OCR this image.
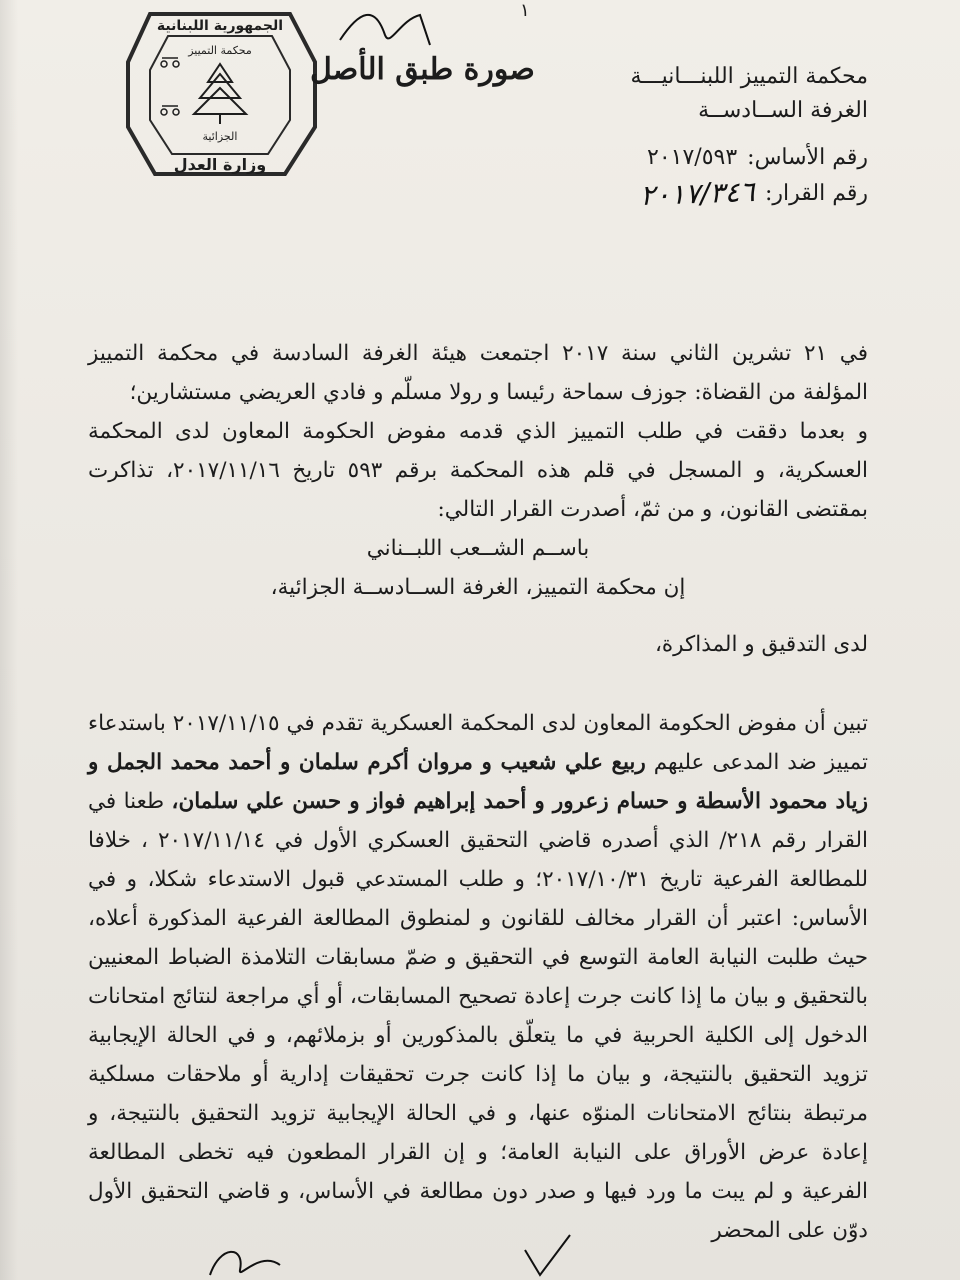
١
الجمهورية اللبنانية
محكمة التمييز
الجزائية
وزارة العدل
صورة طبق الأصل	محكمة التمييز اللبنـــانيـــة
الغرفة الســادســة
رقم الأساس:
٢٠١٧/٥٩٣
رقم القرار:
٢٠١٧/٣٤٦

في ٢١ تشرين الثاني سنة ٢٠١٧ اجتمعت هيئة الغرفة السادسة في محكمة التمييز المؤلفة من القضاة: جوزف سماحة رئيسا و رولا مسلّم و فادي العريضي مستشارين؛

و بعدما دققت في طلب التمييز الذي قدمه مفوض الحكومة المعاون لدى المحكمة العسكرية، و المسجل في قلم هذه المحكمة برقم ٥٩٣ تاريخ ٢٠١٧/١١/١٦، تذاكرت بمقتضى القانون، و من ثمّ، أصدرت القرار التالي:

باســم الشــعب اللبــناني

إن محكمة التمييز، الغرفة الســادســة الجزائية،

لدى التدقيق و المذاكرة،

تبين أن مفوض الحكومة المعاون لدى المحكمة العسكرية تقدم في ٢٠١٧/١١/١٥ باستدعاء تمييز ضد المدعى عليهم ربيع علي شعيب و مروان أكرم سلمان و أحمد محمد الجمل و زياد محمود الأسطة و حسام زعرور و أحمد إبراهيم فواز و حسن علي سلمان، طعنا في القرار رقم ٢١٨/ الذي أصدره قاضي التحقيق العسكري الأول في ٢٠١٧/١١/١٤ ، خلافا للمطالعة الفرعية تاريخ ٢٠١٧/١٠/٣١؛ و طلب المستدعي قبول الاستدعاء شكلا، و في الأساس: اعتبر أن القرار مخالف للقانون و لمنطوق المطالعة الفرعية المذكورة أعلاه، حيث طلبت النيابة العامة التوسع في التحقيق و ضمّ مسابقات التلامذة الضباط المعنيين بالتحقيق و بيان ما إذا كانت جرت إعادة تصحيح المسابقات، أو أي مراجعة لنتائج امتحانات الدخول إلى الكلية الحربية في ما يتعلّق بالمذكورين أو بزملائهم، و في الحالة الإيجابية تزويد التحقيق بالنتيجة، و بيان ما إذا كانت جرت تحقيقات إدارية أو ملاحقات مسلكية مرتبطة بنتائج الامتحانات المنوّه عنها، و في الحالة الإيجابية تزويد التحقيق بالنتيجة، و إعادة عرض الأوراق على النيابة العامة؛ و إن القرار المطعون فيه تخطى المطالعة الفرعية و لم يبت ما ورد فيها و صدر دون مطالعة في الأساس، و قاضي التحقيق الأول دوّن على المحضر
